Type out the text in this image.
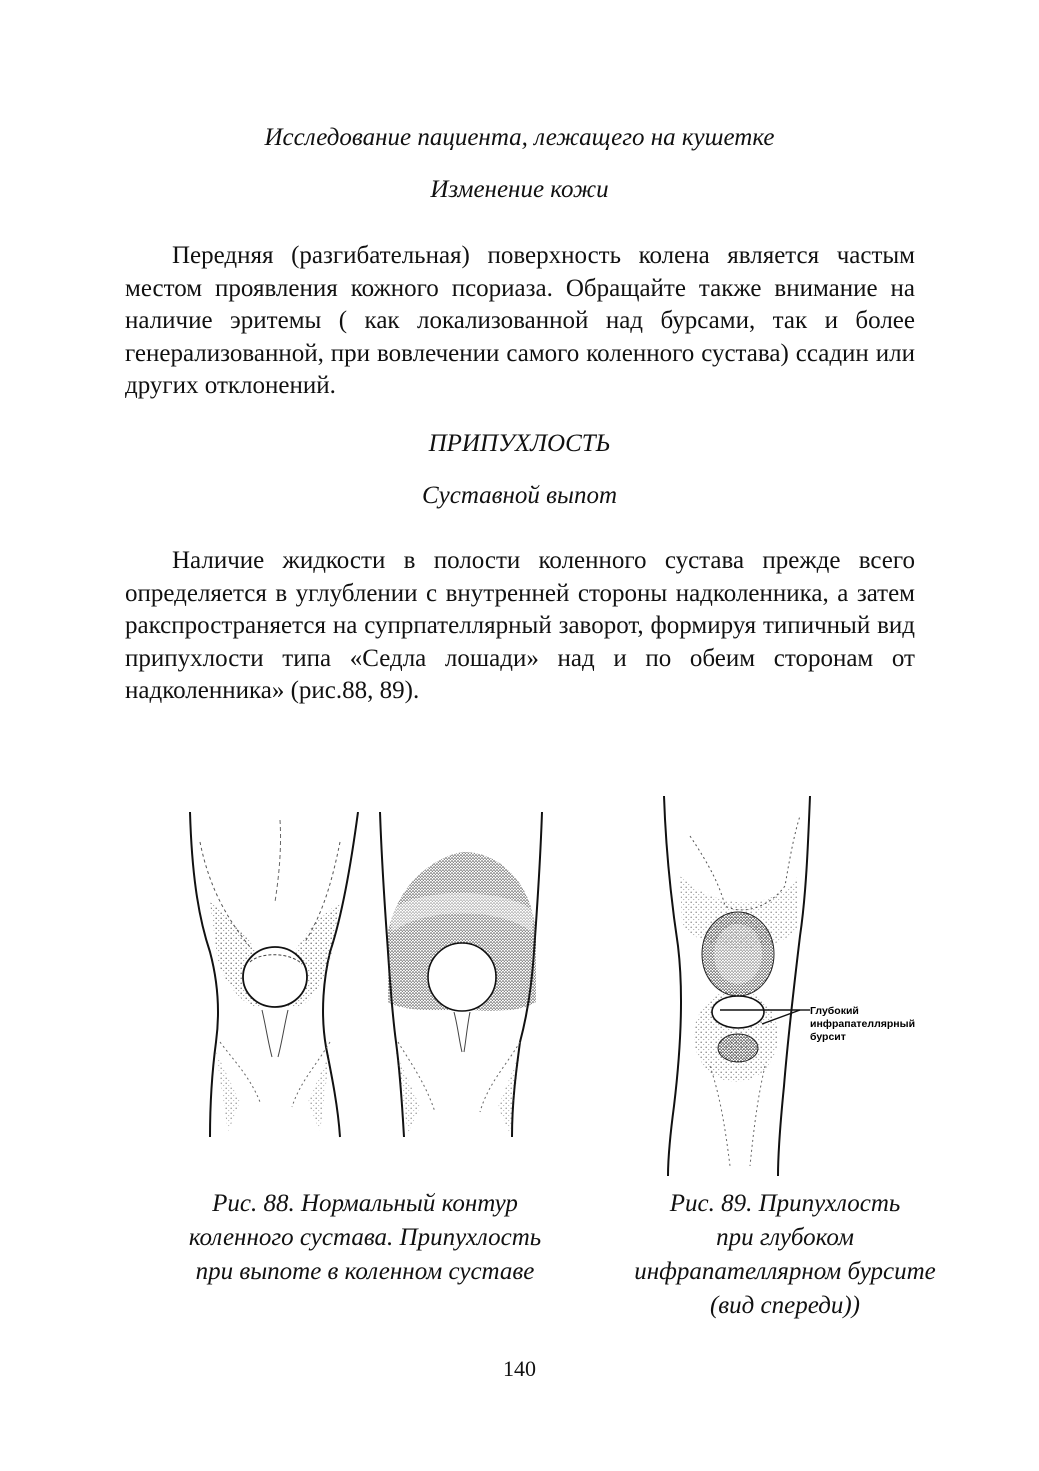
Исследование пациента, лежащего на кушетке
Изменение кожи

Передняя (разгибательная) поверхность колена является частым местом проявления кожного псориаза. Обращайте также внимание на наличие эритемы ( как локализованной над бурсами, так и более генерализованной, при вовлечении самого коленного сустава) ссадин или других отклонений.

ПРИПУХЛОСТЬ
Суставной выпот

Наличие жидкости в полости коленного сустава прежде всего определяется в углублении с внутренней стороны надколенника, а затем ракспространяется на супрпателлярный заворот, формируя типичный вид припухлости типа «Седла лошади» над и по обеим сторонам от надколенника» (рис.88, 89).

Глубокий
инфрапателлярный
бурсит
Рис. 88. Нормальный контур
коленного сустава. Припухлость
при выпоте в коленном суставе
Рис. 89. Припухлость
при глубоком
инфрапателлярном бурсите
(вид спереди))
140
